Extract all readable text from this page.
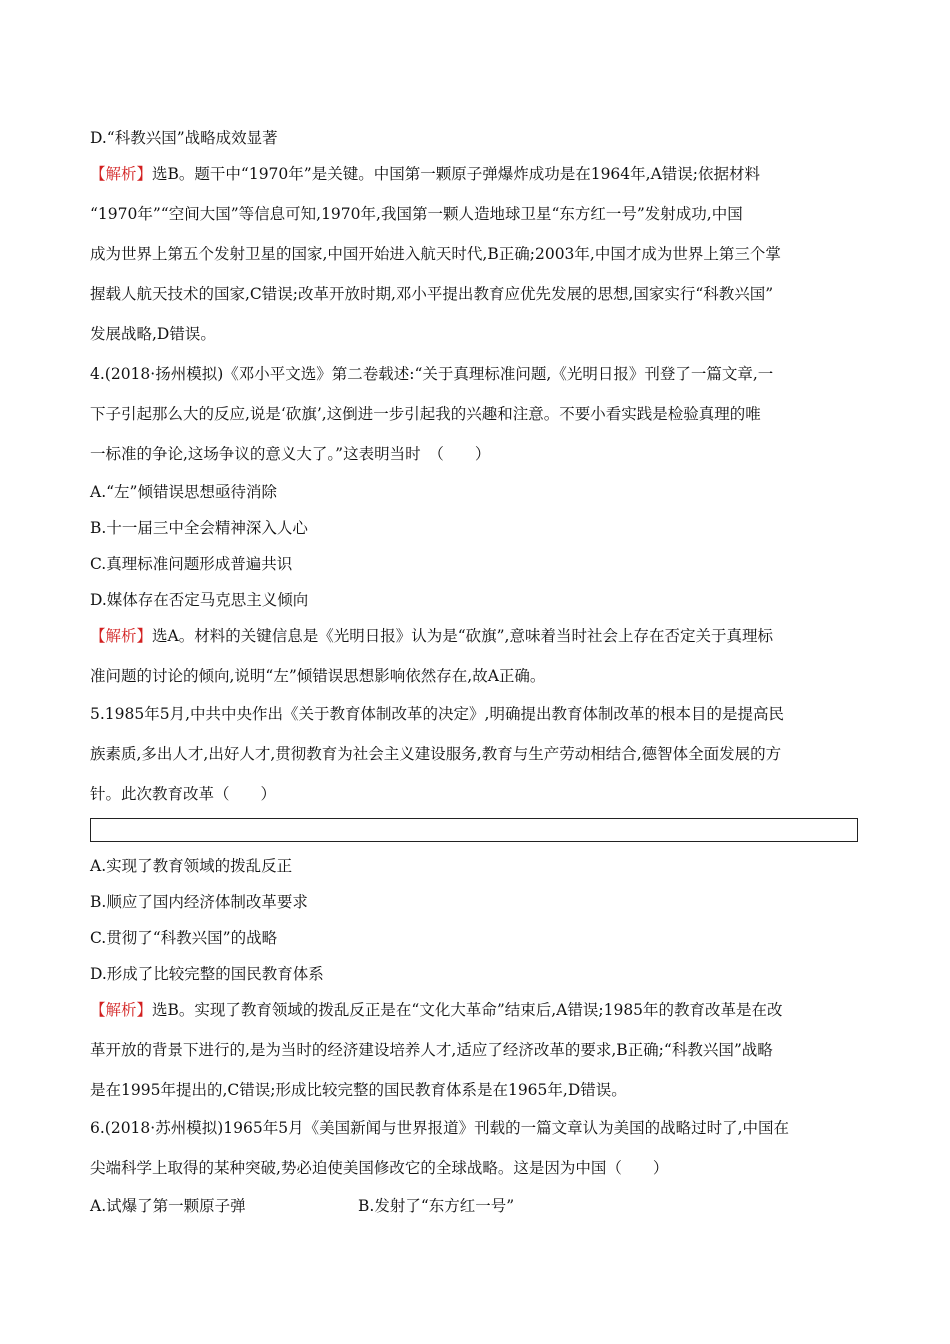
D.“科教兴国”战略成效显著
【解析】选B。题干中“1970年”是关键。中国第一颗原子弹爆炸成功是在1964年,A错误;依据材料
“1970年”“空间大国”等信息可知,1970年,我国第一颗人造地球卫星“东方红一号”发射成功,中国
成为世界上第五个发射卫星的国家,中国开始进入航天时代,B正确;2003年,中国才成为世界上第三个掌
握载人航天技术的国家,C错误;改革开放时期,邓小平提出教育应优先发展的思想,国家实行“科教兴国”
发展战略,D错误。
4.(2018·扬州模拟)《邓小平文选》第二卷载述:“关于真理标准问题,《光明日报》刊登了一篇文章,一
下子引起那么大的反应,说是‘砍旗’,这倒进一步引起我的兴趣和注意。不要小看实践是检验真理的唯
一标准的争论,这场争议的意义大了。”这表明当时　（　　）
A.“左”倾错误思想亟待消除
B.十一届三中全会精神深入人心
C.真理标准问题形成普遍共识
D.媒体存在否定马克思主义倾向
【解析】选A。材料的关键信息是《光明日报》认为是“砍旗”,意味着当时社会上存在否定关于真理标
准问题的讨论的倾向,说明“左”倾错误思想影响依然存在,故A正确。
5.1985年5月,中共中央作出《关于教育体制改革的决定》,明确提出教育体制改革的根本目的是提高民
族素质,多出人才,出好人才,贯彻教育为社会主义建设服务,教育与生产劳动相结合,德智体全面发展的方
针。此次教育改革（　　）
A.实现了教育领域的拨乱反正
B.顺应了国内经济体制改革要求
C.贯彻了“科教兴国”的战略
D.形成了比较完整的国民教育体系
【解析】选B。实现了教育领域的拨乱反正是在“文化大革命”结束后,A错误;1985年的教育改革是在改
革开放的背景下进行的,是为当时的经济建设培养人才,适应了经济改革的要求,B正确;“科教兴国”战略
是在1995年提出的,C错误;形成比较完整的国民教育体系是在1965年,D错误。
6.(2018·苏州模拟)1965年5月《美国新闻与世界报道》刊载的一篇文章认为美国的战略过时了,中国在
尖端科学上取得的某种突破,势必迫使美国修改它的全球战略。这是因为中国（　　）
A.试爆了第一颗原子弹	B.发射了“东方红一号”
